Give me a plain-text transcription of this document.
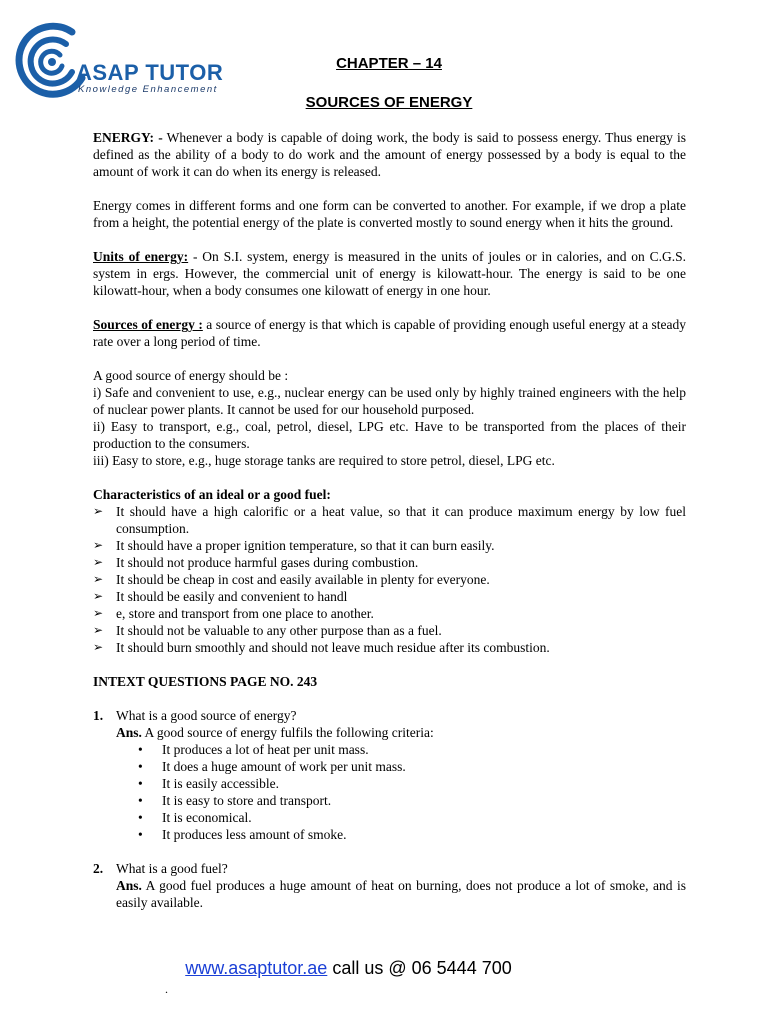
ASAP TUTOR
Knowledge Enhancement
CHAPTER – 14
SOURCES OF ENERGY

ENERGY: - Whenever a body is capable of doing work, the body is said to possess energy. Thus energy is defined as the ability of a body to do work and the amount of energy possessed by a body is equal to the amount of work it can do when its energy is released.

Energy comes in different forms and one form can be converted to another. For example, if we drop a plate from a height, the potential energy of the plate is converted mostly to sound energy when it hits the ground.

Units of energy: - On S.I. system, energy is measured in the units of joules or in calories, and on C.G.S. system in ergs. However, the commercial unit of energy is kilowatt-hour. The energy is said to be one kilowatt-hour, when a body consumes one kilowatt of energy in one hour.

Sources of energy : a source of energy is that which is capable of providing enough useful energy at a steady rate over a long period of time.

A good source of energy should be :

i) Safe and convenient to use, e.g., nuclear energy can be used only by highly trained engineers with the help of nuclear power plants. It cannot be used for our household purposed.

ii) Easy to transport, e.g., coal, petrol, diesel, LPG etc. Have to be transported from the places of their production to the consumers.

iii) Easy to store, e.g., huge storage tanks are required to store petrol, diesel, LPG etc.

Characteristics of an ideal or a good fuel:

➢ It should have a high calorific or a heat value, so that it can produce maximum energy by low fuel consumption.
➢ It should have a proper ignition temperature, so that it can burn easily.
➢ It should not produce harmful gases during combustion.
➢ It should be cheap in cost and easily available in plenty for everyone.
➢ It should be easily and convenient to handl
➢ e, store and transport from one place to another.
➢ It should not be valuable to any other purpose than as a fuel.
➢ It should burn smoothly and should not leave much residue after its combustion.

INTEXT QUESTIONS PAGE NO. 243

1. What is a good source of energy?
Ans. A good source of energy fulfils the following criteria:
• It produces a lot of heat per unit mass.
• It does a huge amount of work per unit mass.
• It is easily accessible.
• It is easy to store and transport.
• It is economical.
• It produces less amount of smoke.
2. What is a good fuel?
Ans. A good fuel produces a huge amount of heat on burning, does not produce a lot of smoke, and is easily available.
www.asaptutor.ae call us @ 06 5444 700
.
